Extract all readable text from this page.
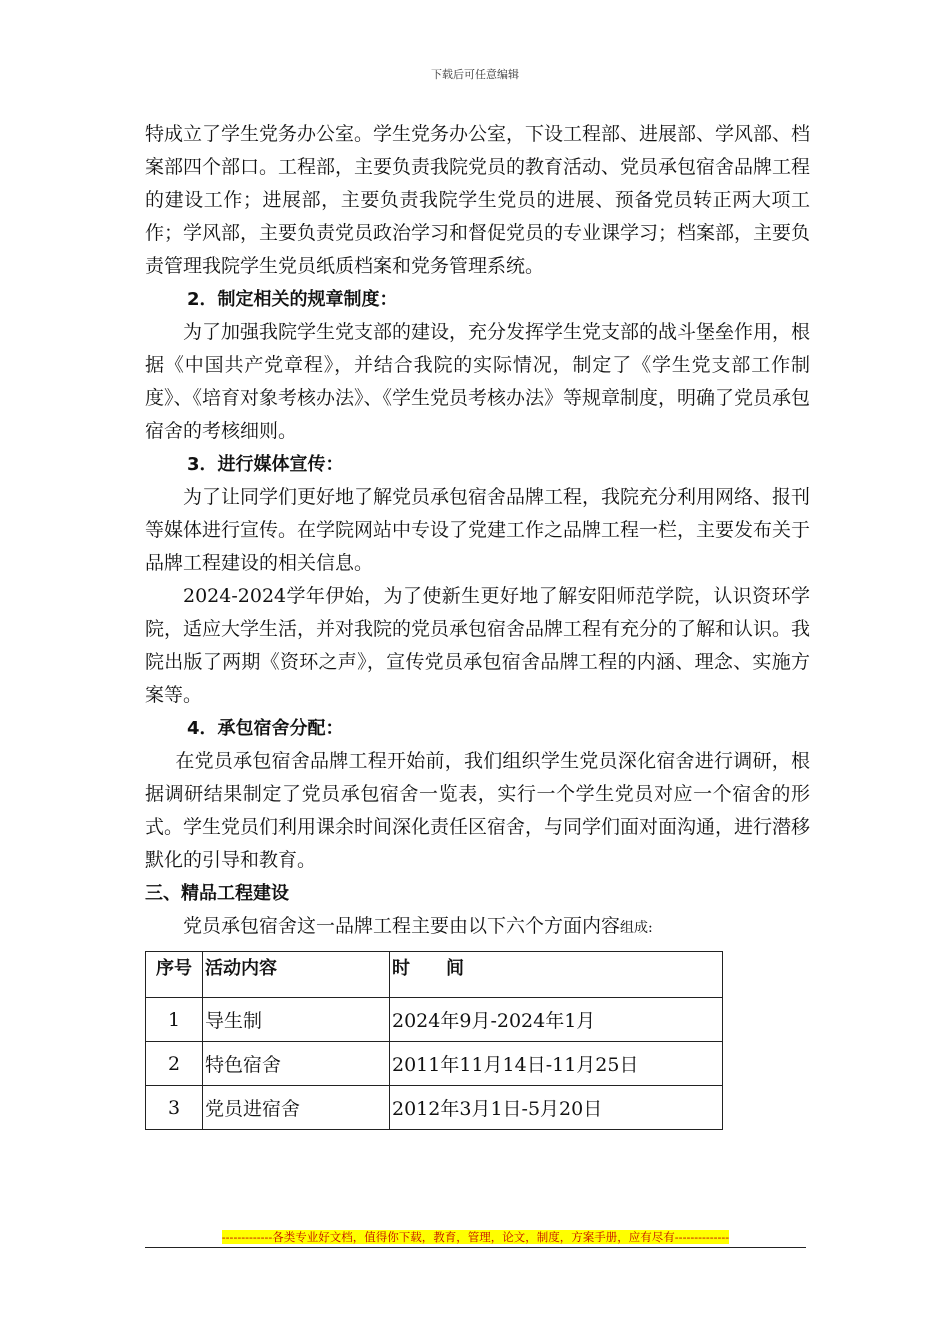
下载后可任意编辑

特成立了学生党务办公室。学生党务办公室，下设工程部、进展部、学风部、档案部四个部口。工程部，主要负责我院党员的教育活动、党员承包宿舍品牌工程的建设工作；进展部，主要负责我院学生党员的进展、预备党员转正两大项工作；学风部，主要负责党员政治学习和督促党员的专业课学习；档案部，主要负责管理我院学生党员纸质档案和党务管理系统。

2．制定相关的规章制度：

为了加强我院学生党支部的建设，充分发挥学生党支部的战斗堡垒作用，根据《中国共产党章程》，并结合我院的实际情况，制定了《学生党支部工作制度》、《培育对象考核办法》、《学生党员考核办法》等规章制度，明确了党员承包宿舍的考核细则。

3．进行媒体宣传：

为了让同学们更好地了解党员承包宿舍品牌工程，我院充分利用网络、报刊等媒体进行宣传。在学院网站中专设了党建工作之品牌工程一栏，主要发布关于品牌工程建设的相关信息。

2024-2024学年伊始，为了使新生更好地了解安阳师范学院，认识资环学院，适应大学生活，并对我院的党员承包宿舍品牌工程有充分的了解和认识。我院出版了两期《资环之声》，宣传党员承包宿舍品牌工程的内涵、理念、实施方案等。

4．承包宿舍分配：

在党员承包宿舍品牌工程开始前，我们组织学生党员深化宿舍进行调研，根据调研结果制定了党员承包宿舍一览表，实行一个学生党员对应一个宿舍的形式。学生党员们利用课余时间深化责任区宿舍，与同学们面对面沟通，进行潜移默化的引导和教育。

三、精品工程建设

党员承包宿舍这一品牌工程主要由以下六个方面内容组成:

序号	活动内容	时　　间
1	导生制	2024年9月-2024年1月
2	特色宿舍	2011年11月14日-11月25日
3	党员进宿舍	2012年3月1日-5月20日
-------------各类专业好文档，值得你下载，教育，管理，论文，制度，方案手册，应有尽有--------------
